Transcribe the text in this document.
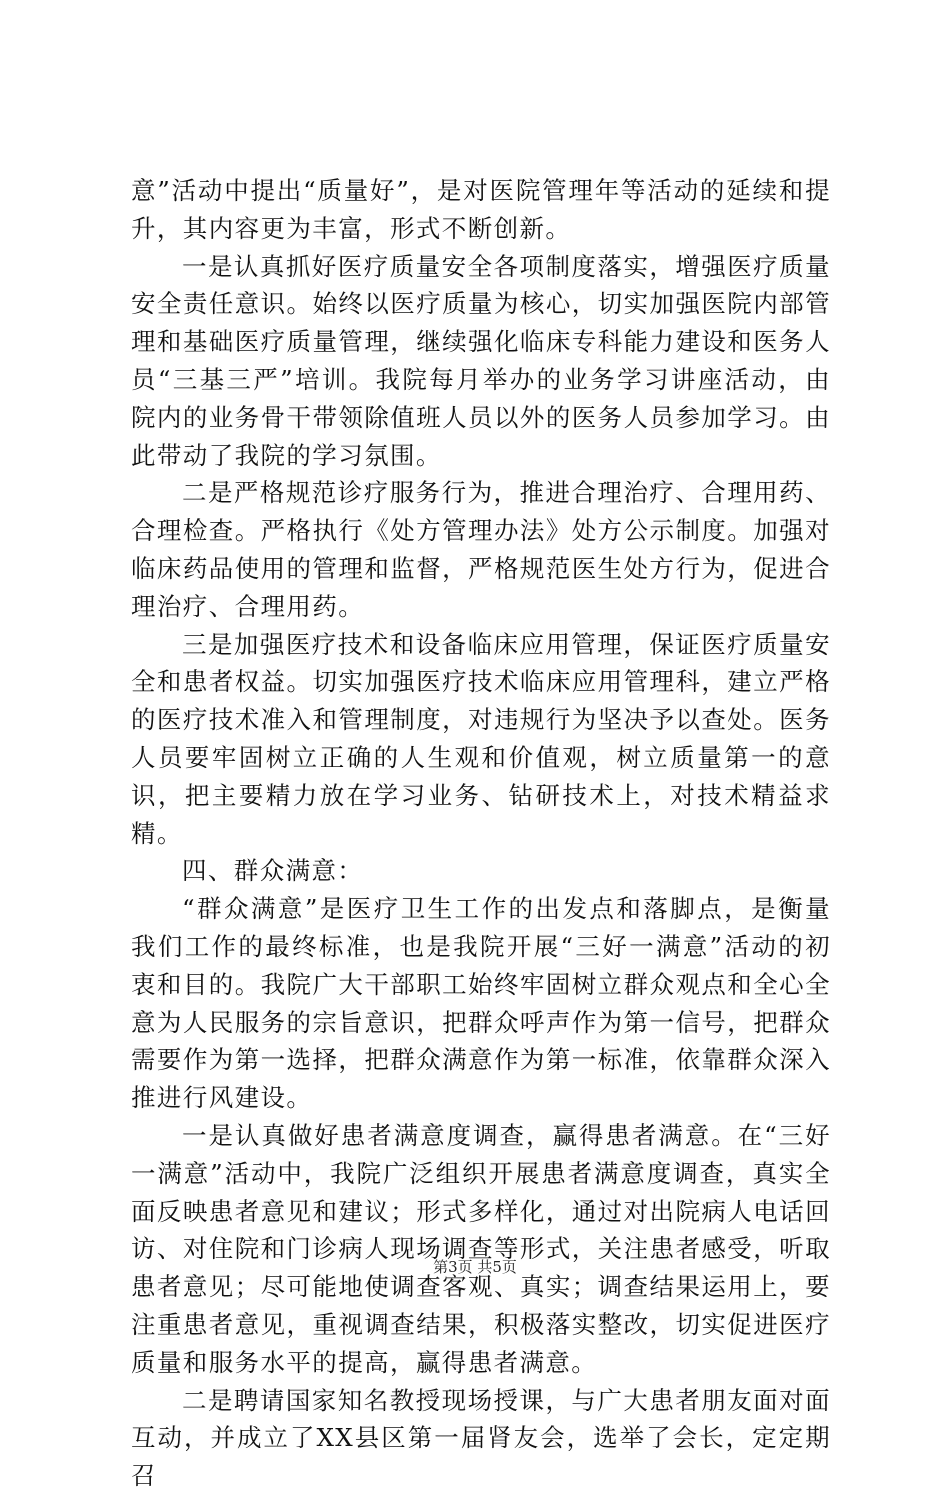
意”活动中提出“质量好”，是对医院管理年等活动的延续和提升，其内容更为丰富，形式不断创新。

一是认真抓好医疗质量安全各项制度落实，增强医疗质量安全责任意识。始终以医疗质量为核心，切实加强医院内部管理和基础医疗质量管理，继续强化临床专科能力建设和医务人员“三基三严”培训。我院每月举办的业务学习讲座活动，由院内的业务骨干带领除值班人员以外的医务人员参加学习。由此带动了我院的学习氛围。

二是严格规范诊疗服务行为，推进合理治疗、合理用药、合理检查。严格执行《处方管理办法》处方公示制度。加强对临床药品使用的管理和监督，严格规范医生处方行为，促进合理治疗、合理用药。

三是加强医疗技术和设备临床应用管理，保证医疗质量安全和患者权益。切实加强医疗技术临床应用管理科，建立严格的医疗技术准入和管理制度，对违规行为坚决予以查处。医务人员要牢固树立正确的人生观和价值观，树立质量第一的意识，把主要精力放在学习业务、钻研技术上，对技术精益求精。

四、群众满意：

“群众满意”是医疗卫生工作的出发点和落脚点，是衡量我们工作的最终标准，也是我院开展“三好一满意”活动的初衷和目的。我院广大干部职工始终牢固树立群众观点和全心全意为人民服务的宗旨意识，把群众呼声作为第一信号，把群众需要作为第一选择，把群众满意作为第一标准，依靠群众深入推进行风建设。

一是认真做好患者满意度调查，赢得患者满意。在“三好一满意”活动中，我院广泛组织开展患者满意度调查，真实全面反映患者意见和建议；形式多样化，通过对出院病人电话回访、对住院和门诊病人现场调查等形式，关注患者感受，听取患者意见；尽可能地使调查客观、真实；调查结果运用上，要注重患者意见，重视调查结果，积极落实整改，切实促进医疗质量和服务水平的提高，赢得患者满意。

二是聘请国家知名教授现场授课，与广大患者朋友面对面互动，并成立了XX县区第一届肾友会，选举了会长，定定期召

第3页 共5页
